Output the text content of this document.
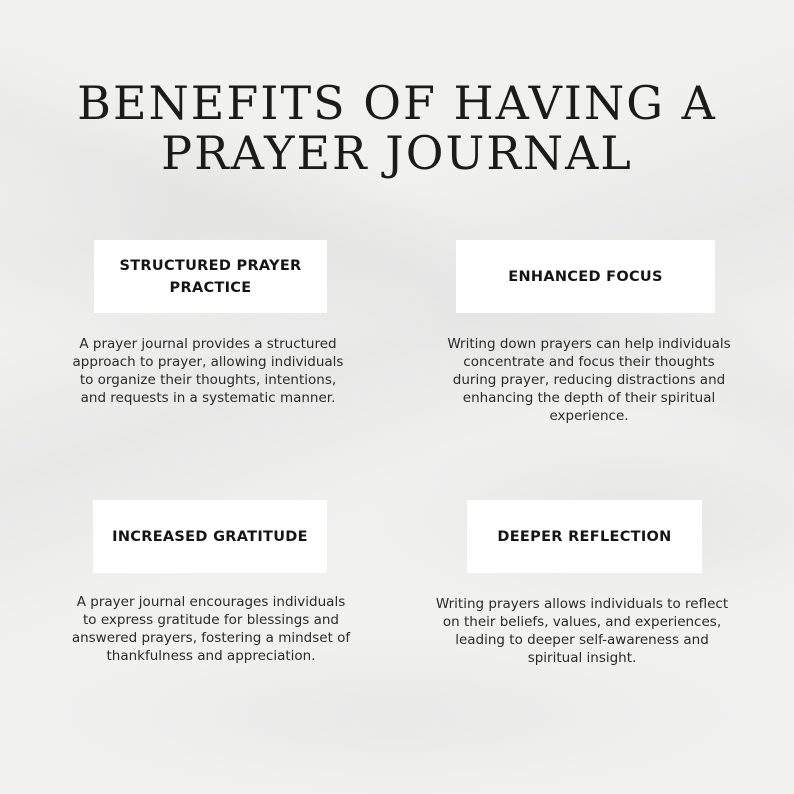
BENEFITS OF HAVING A
PRAYER JOURNAL
STRUCTURED PRAYER PRACTICE

A prayer journal provides a structured approach to prayer, allowing individuals to organize their thoughts, intentions, and requests in a systematic manner.

ENHANCED FOCUS

Writing down prayers can help individuals concentrate and focus their thoughts during prayer, reducing distractions and enhancing the depth of their spiritual experience.

INCREASED GRATITUDE

A prayer journal encourages individuals to express gratitude for blessings and answered prayers, fostering a mindset of thankfulness and appreciation.

DEEPER REFLECTION

Writing prayers allows individuals to reflect on their beliefs, values, and experiences, leading to deeper self-awareness and spiritual insight.
